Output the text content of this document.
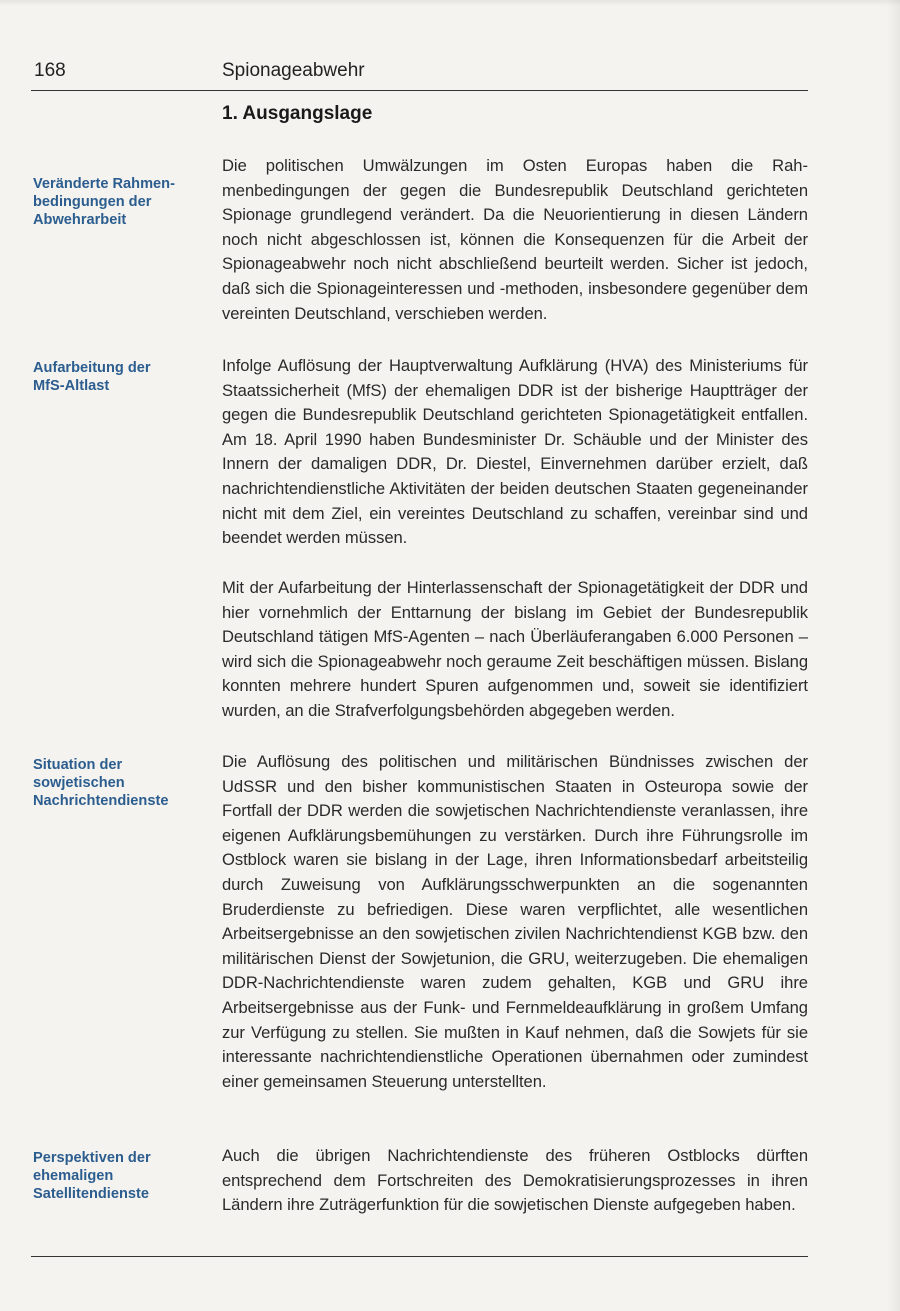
168	Spionageabwehr
1. Ausgangslage

Veränderte Rahmen-
bedingungen der
Abwehrarbeit

Aufarbeitung der
MfS-Altlast

Situation der
sowjetischen
Nachrichtendienste

Perspektiven der
ehemaligen
Satellitendienste

Die politischen Umwälzungen im Osten Europas haben die Rahmenbedingungen der gegen die Bundesrepublik Deutschland gerichteten Spionage grundlegend verändert. Da die Neuorientierung in diesen Ländern noch nicht abgeschlossen ist, können die Konsequenzen für die Arbeit der Spionageabwehr noch nicht abschließend beurteilt werden. Sicher ist jedoch, daß sich die Spionageinteressen und -methoden, insbesondere gegenüber dem vereinten Deutschland, verschieben werden.

Infolge Auflösung der Hauptverwaltung Aufklärung (HVA) des Ministeriums für Staatssicherheit (MfS) der ehemaligen DDR ist der bisherige Hauptträger der gegen die Bundesrepublik Deutschland gerichteten Spionagetätigkeit entfallen. Am 18. April 1990 haben Bundesminister Dr. Schäuble und der Minister des Innern der damaligen DDR, Dr. Diestel, Einvernehmen darüber erzielt, daß nachrichtendienstliche Aktivitäten der beiden deutschen Staaten gegeneinander nicht mit dem Ziel, ein vereintes Deutschland zu schaffen, vereinbar sind und beendet werden müssen.

Mit der Aufarbeitung der Hinterlassenschaft der Spionagetätigkeit der DDR und hier vornehmlich der Enttarnung der bislang im Gebiet der Bundesrepublik Deutschland tätigen MfS-Agenten – nach Überläuferangaben 6.000 Personen – wird sich die Spionageabwehr noch geraume Zeit beschäftigen müssen. Bislang konnten mehrere hundert Spuren aufgenommen und, soweit sie identifiziert wurden, an die Strafverfolgungsbehörden abgegeben werden.

Die Auflösung des politischen und militärischen Bündnisses zwischen der UdSSR und den bisher kommunistischen Staaten in Osteuropa sowie der Fortfall der DDR werden die sowjetischen Nachrichtendienste veranlassen, ihre eigenen Aufklärungsbemühungen zu verstärken. Durch ihre Führungsrolle im Ostblock waren sie bislang in der Lage, ihren Informationsbedarf arbeitsteilig durch Zuweisung von Aufklärungsschwerpunkten an die sogenannten Bruderdienste zu befriedigen. Diese waren verpflichtet, alle wesentlichen Arbeitsergebnisse an den sowjetischen zivilen Nachrichtendienst KGB bzw. den militärischen Dienst der Sowjetunion, die GRU, weiterzugeben. Die ehemaligen DDR-Nachrichtendienste waren zudem gehalten, KGB und GRU ihre Arbeitsergebnisse aus der Funk- und Fernmeldeaufklärung in großem Umfang zur Verfügung zu stellen. Sie mußten in Kauf nehmen, daß die Sowjets für sie interessante nachrichtendienstliche Operationen übernahmen oder zumindest einer gemeinsamen Steuerung unterstellten.

Auch die übrigen Nachrichtendienste des früheren Ostblocks dürften entsprechend dem Fortschreiten des Demokratisierungsprozesses in ihren Ländern ihre Zuträgerfunktion für die sowjetischen Dienste aufgegeben haben.
